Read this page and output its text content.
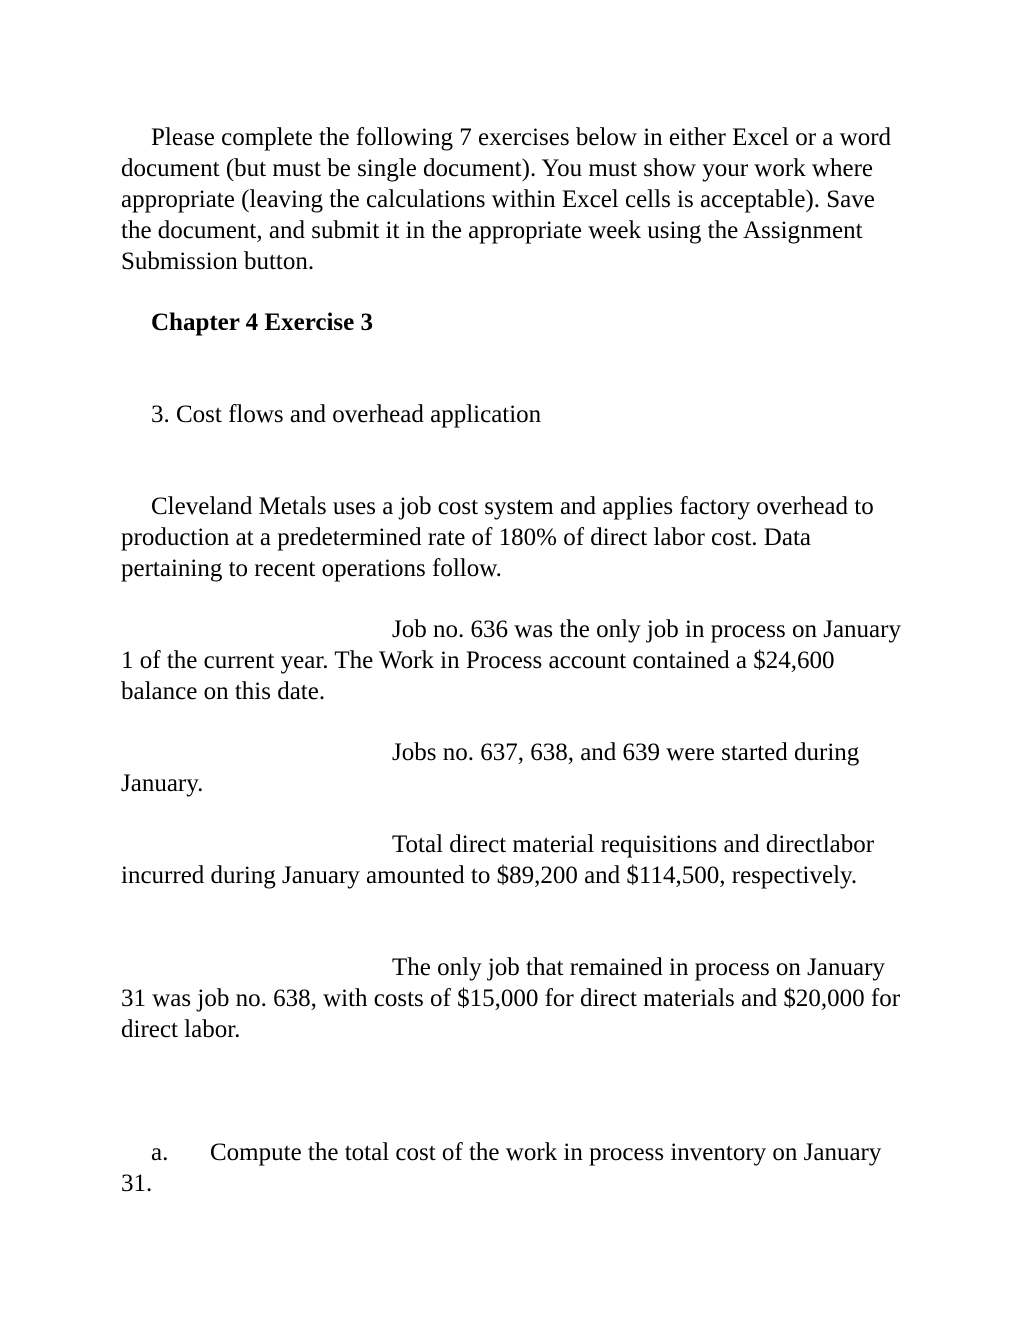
Please complete the following 7 exercises below in either Excel or a word document (but must be single document). You must show your work where appropriate (leaving the calculations within Excel cells is acceptable). Save the document, and submit it in the appropriate week using the Assignment Submission button.

Chapter 4 Exercise 3

3. Cost flows and overhead application

Cleveland Metals uses a job cost system and applies factory overhead to production at a predetermined rate of 180% of direct labor cost. Data pertaining to recent operations follow.

Job no. 636 was the only job in process on January 1 of the current year. The Work in Process account contained a $24,600 balance on this date.

Jobs no. 637, 638, and 639 were started during January.

Total direct material requisitions and directlabor incurred during January amounted to $89,200 and $114,500, respectively.

The only job that remained in process on January 31 was job no. 638, with costs of $15,000 for direct materials and $20,000 for direct labor.

a. Compute the total cost of the work in process inventory on January 31.
